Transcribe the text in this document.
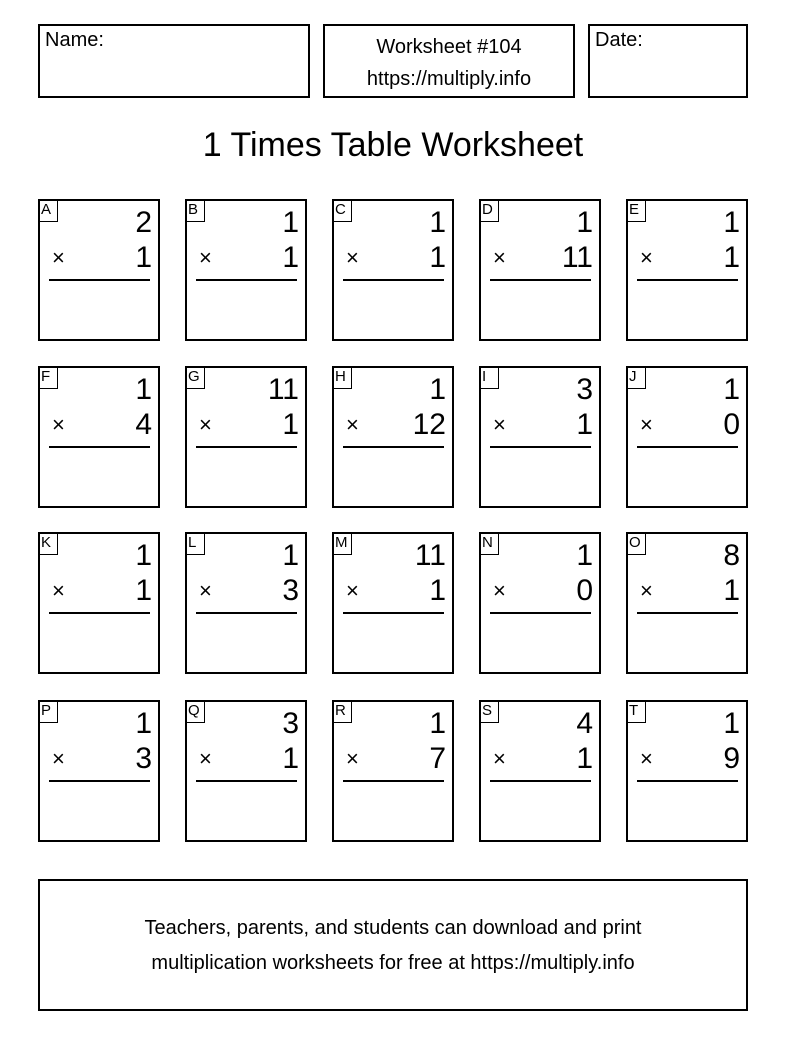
Name:	Worksheet #104
https://multiply.info
Date:
1 Times Table Worksheet
A	2
× 1
B	1
× 1
C	1
× 1
D	1
× 11
E	1
× 1
F	1
× 4
G 11
× 1
H	1
× 12
I	3
× 1
J	1
× 0
K	1
× 1
L	1
× 3
M 11
× 1
N	1
× 0
O	8
× 1
P	1
× 3
Q	3
× 1
R	1
× 7
S	4
× 1
T	1
× 9
Teachers, parents, and students can download and print
multiplication worksheets for free at https://multiply.info
